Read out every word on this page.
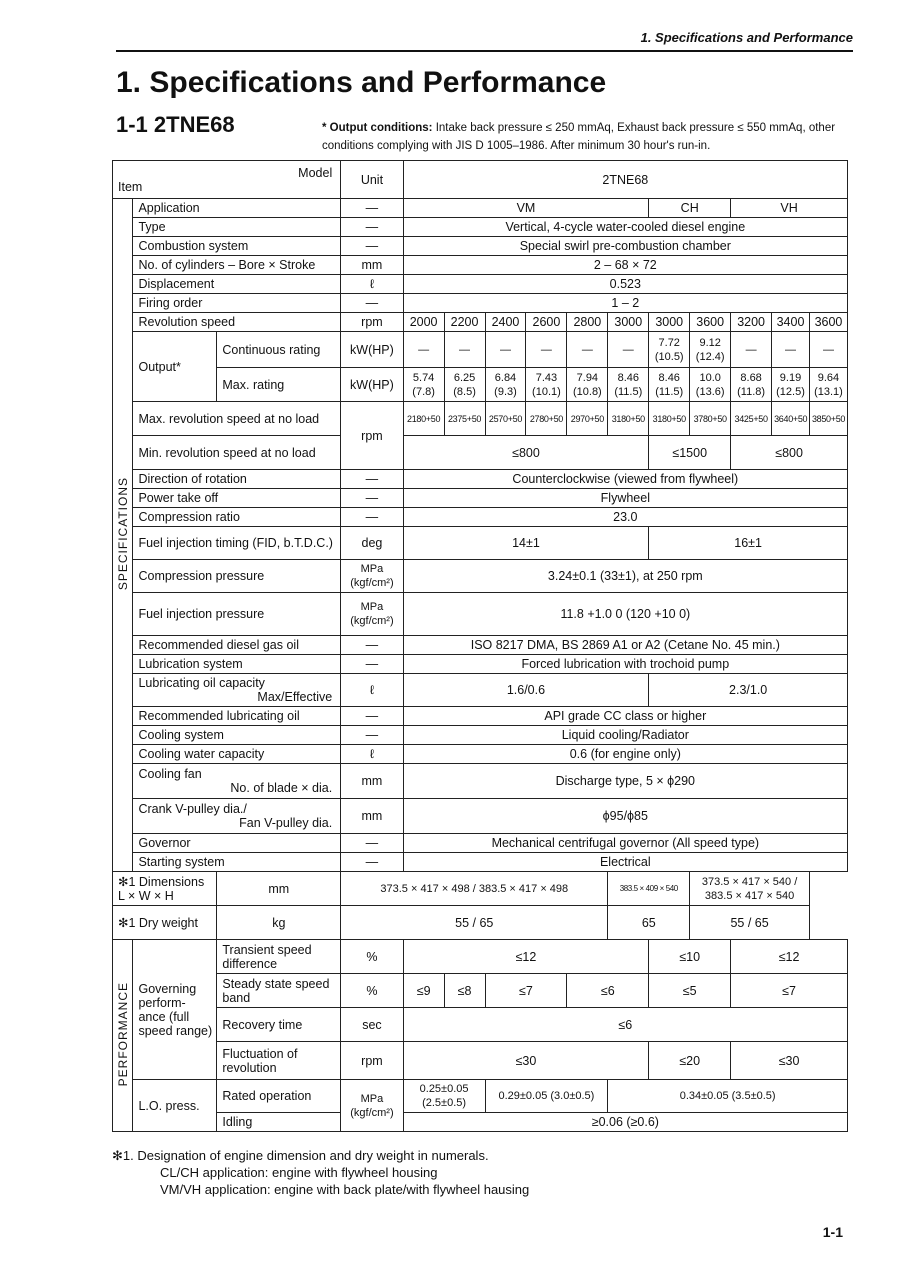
1. Specifications and Performance
1. Specifications and Performance
1-1 2TNE68	* Output conditions: Intake back pressure ≤ 250 mmAq, Exhaust back pressure ≤ 550 mmAq, other conditions complying with JIS D 1005–1986. After minimum 30 hour's run-in.
Model
Item			Unit	2TNE68										
SPECIFICATIONS	Application		—	VM						CH		VH		
	Type		—	Vertical, 4-cycle water-cooled diesel engine										
	Combustion system		—	Special swirl pre-combustion chamber										
	No. of cylinders – Bore × Stroke		mm	2 – 68 × 72										
	Displacement		ℓ	0.523										
	Firing order		—	1 – 2										
	Revolution speed		rpm	2000	2200	2400	2600	2800	3000	3000	3600	3200	3400	3600
	Output*	Continuous rating	kW(HP)	—	—	—	—	—	—	7.72 (10.5)	9.12 (12.4)	—	—	—
		Max. rating	kW(HP)	5.74 (7.8)	6.25 (8.5)	6.84 (9.3)	7.43 (10.1)	7.94 (10.8)	8.46 (11.5)	8.46 (11.5)	10.0 (13.6)	8.68 (11.8)	9.19 (12.5)	9.64 (13.1)
	Max. revolution speed at no load		rpm	2180+50	2375+50	2570+50	2780+50	2970+50	3180+50	3180+50	3780+50	3425+50	3640+50	3850+50
	Min. revolution speed at no load			≤800						≤1500		≤800		
	Direction of rotation		—	Counterclockwise (viewed from flywheel)										
	Power take off		—	Flywheel										
	Compression ratio		—	23.0										
	Fuel injection timing (FID, b.T.D.C.)		deg	14±1						16±1				
	Compression pressure		MPa (kgf/cm²)	3.24±0.1 (33±1), at 250 rpm										
	Fuel injection pressure		MPa (kgf/cm²)	11.8 +1.0 0 (120 +10 0)										
	Recommended diesel gas oil		—	ISO 8217 DMA, BS 2869 A1 or A2 (Cetane No. 45 min.)										
	Lubrication system		—	Forced lubrication with trochoid pump										
	Lubricating oil capacity

Max/Effective		ℓ	1.6/0.6						2.3/1.0				
	Recommended lubricating oil		—	API grade CC class or higher										
	Cooling system		—	Liquid cooling/Radiator										
	Cooling water capacity		ℓ	0.6 (for engine only)										
	Cooling fan

No. of blade × dia.		mm	Discharge type, 5 × ϕ290										
	Crank V-pulley dia./

Fan V-pulley dia.		mm	ϕ95/ϕ85										
	Governor		—	Mechanical centrifugal governor (All speed type)										
	Starting system		—	Electrical										
✻1 Dimensions L × W × H		mm	373.5 × 417 × 498 / 383.5 × 417 × 498						383.5 × 409 × 540		373.5 × 417 × 540 / 383.5 × 417 × 540			
✻1 Dry weight		kg	55 / 65						65		55 / 65			
PERFORMANCE	Governing perform- ance (full speed range)	Transient speed difference	%	≤12						≤10		≤12		
		Steady state speed band	%	≤9	≤8	≤7		≤6		≤5		≤7		
		Recovery time	sec	≤6										
		Fluctuation of revolution	rpm	≤30						≤20		≤30		
	L.O. press.	Rated operation	MPa (kgf/cm²)	0.25±0.05 (2.5±0.5)		0.29±0.05 (3.0±0.5)			0.34±0.05 (3.5±0.5)					
		Idling		≥0.06 (≥0.6)										
✻1. Designation of engine dimension and dry weight in numerals.
CL/CH application: engine with flywheel housing
VM/VH application: engine with back plate/with flywheel hausing
1-1
